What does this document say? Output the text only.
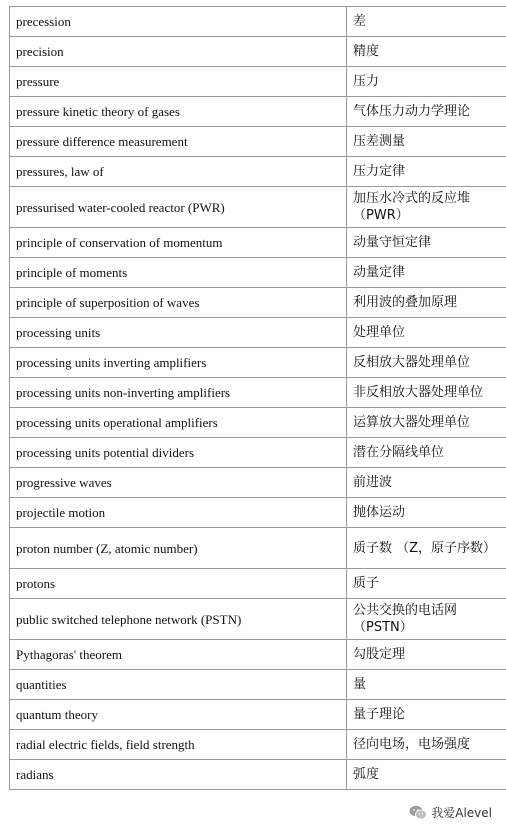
precession	差
precision	精度
pressure	压力
pressure kinetic theory of gases	气体压力动力学理论
pressure difference measurement	压差测量
pressures, law of	压力定律
pressurised water-cooled reactor (PWR)	加压水冷式的反应堆 （PWR）
principle of conservation of momentum	动量守恒定律
principle of moments	动量定律
principle of superposition of waves	利用波的叠加原理
processing units	处理单位
processing units inverting amplifiers	反相放大器处理单位
processing units non-inverting amplifiers	非反相放大器处理单位
processing units operational amplifiers	运算放大器处理单位
processing units potential dividers	潜在分隔线单位
progressive waves	前进波
projectile motion	抛体运动
proton number (Z, atomic number)	质子数 （Z，原子序数）
protons	质子
public switched telephone network (PSTN)	公共交换的电话网 （PSTN）
Pythagoras' theorem	勾股定理
quantities	量
quantum theory	量子理论
radial electric fields, field strength	径向电场，电场强度
radians	弧度
我爱Alevel
